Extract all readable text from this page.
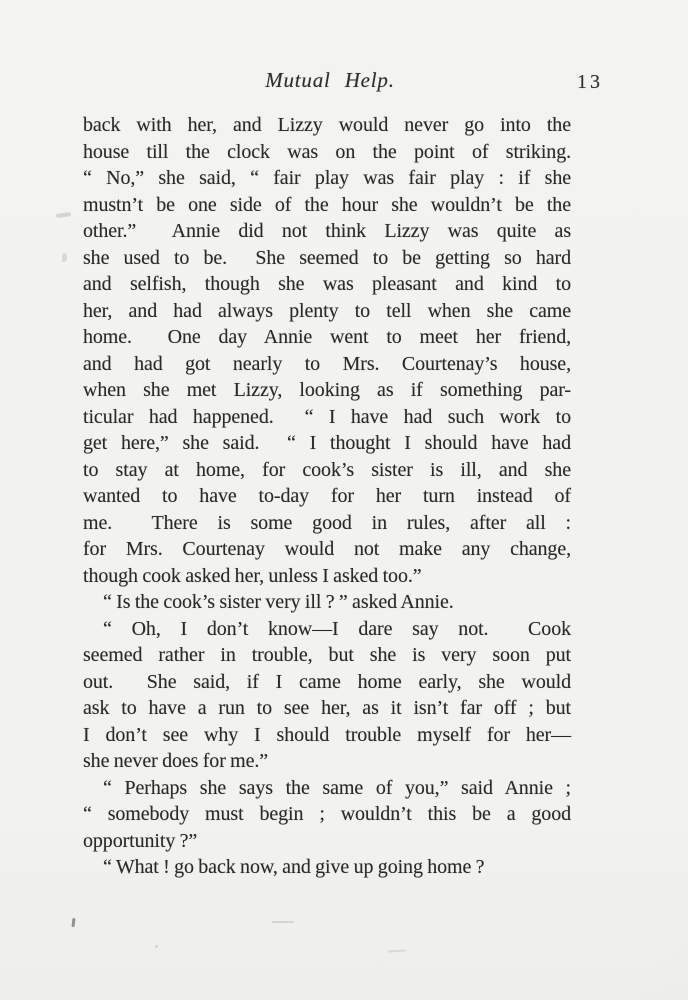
Mutual Help.	13
back with her, and Lizzy would never go into the
house till the clock was on the point of striking.
“ No,” she said, “ fair play was fair play : if she
mustn’t be one side of the hour she wouldn’t be the
other.”  Annie did not think Lizzy was quite as
she used to be.  She seemed to be getting so hard
and selfish, though she was pleasant and kind to
her, and had always plenty to tell when she came
home.  One day Annie went to meet her friend,
and had got nearly to Mrs. Courtenay’s house,
when she met Lizzy, looking as if something par-
ticular had happened.  “ I have had such work to
get here,” she said.  “ I thought I should have had
to stay at home, for cook’s sister is ill, and she
wanted to have to-day for her turn instead of
me.  There is some good in rules, after all :
for Mrs. Courtenay would not make any change,
though cook asked her, unless I asked too.”
“ Is the cook’s sister very ill ? ” asked Annie.
“ Oh, I don’t know—I dare say not.  Cook
seemed rather in trouble, but she is very soon put
out.  She said, if I came home early, she would
ask to have a run to see her, as it isn’t far off ; but
I don’t see why I should trouble myself for her—
she never does for me.”
“ Perhaps she says the same of you,” said Annie ;
“ somebody must begin ; wouldn’t this be a good
opportunity ?”
“ What ! go back now, and give up going home ?
